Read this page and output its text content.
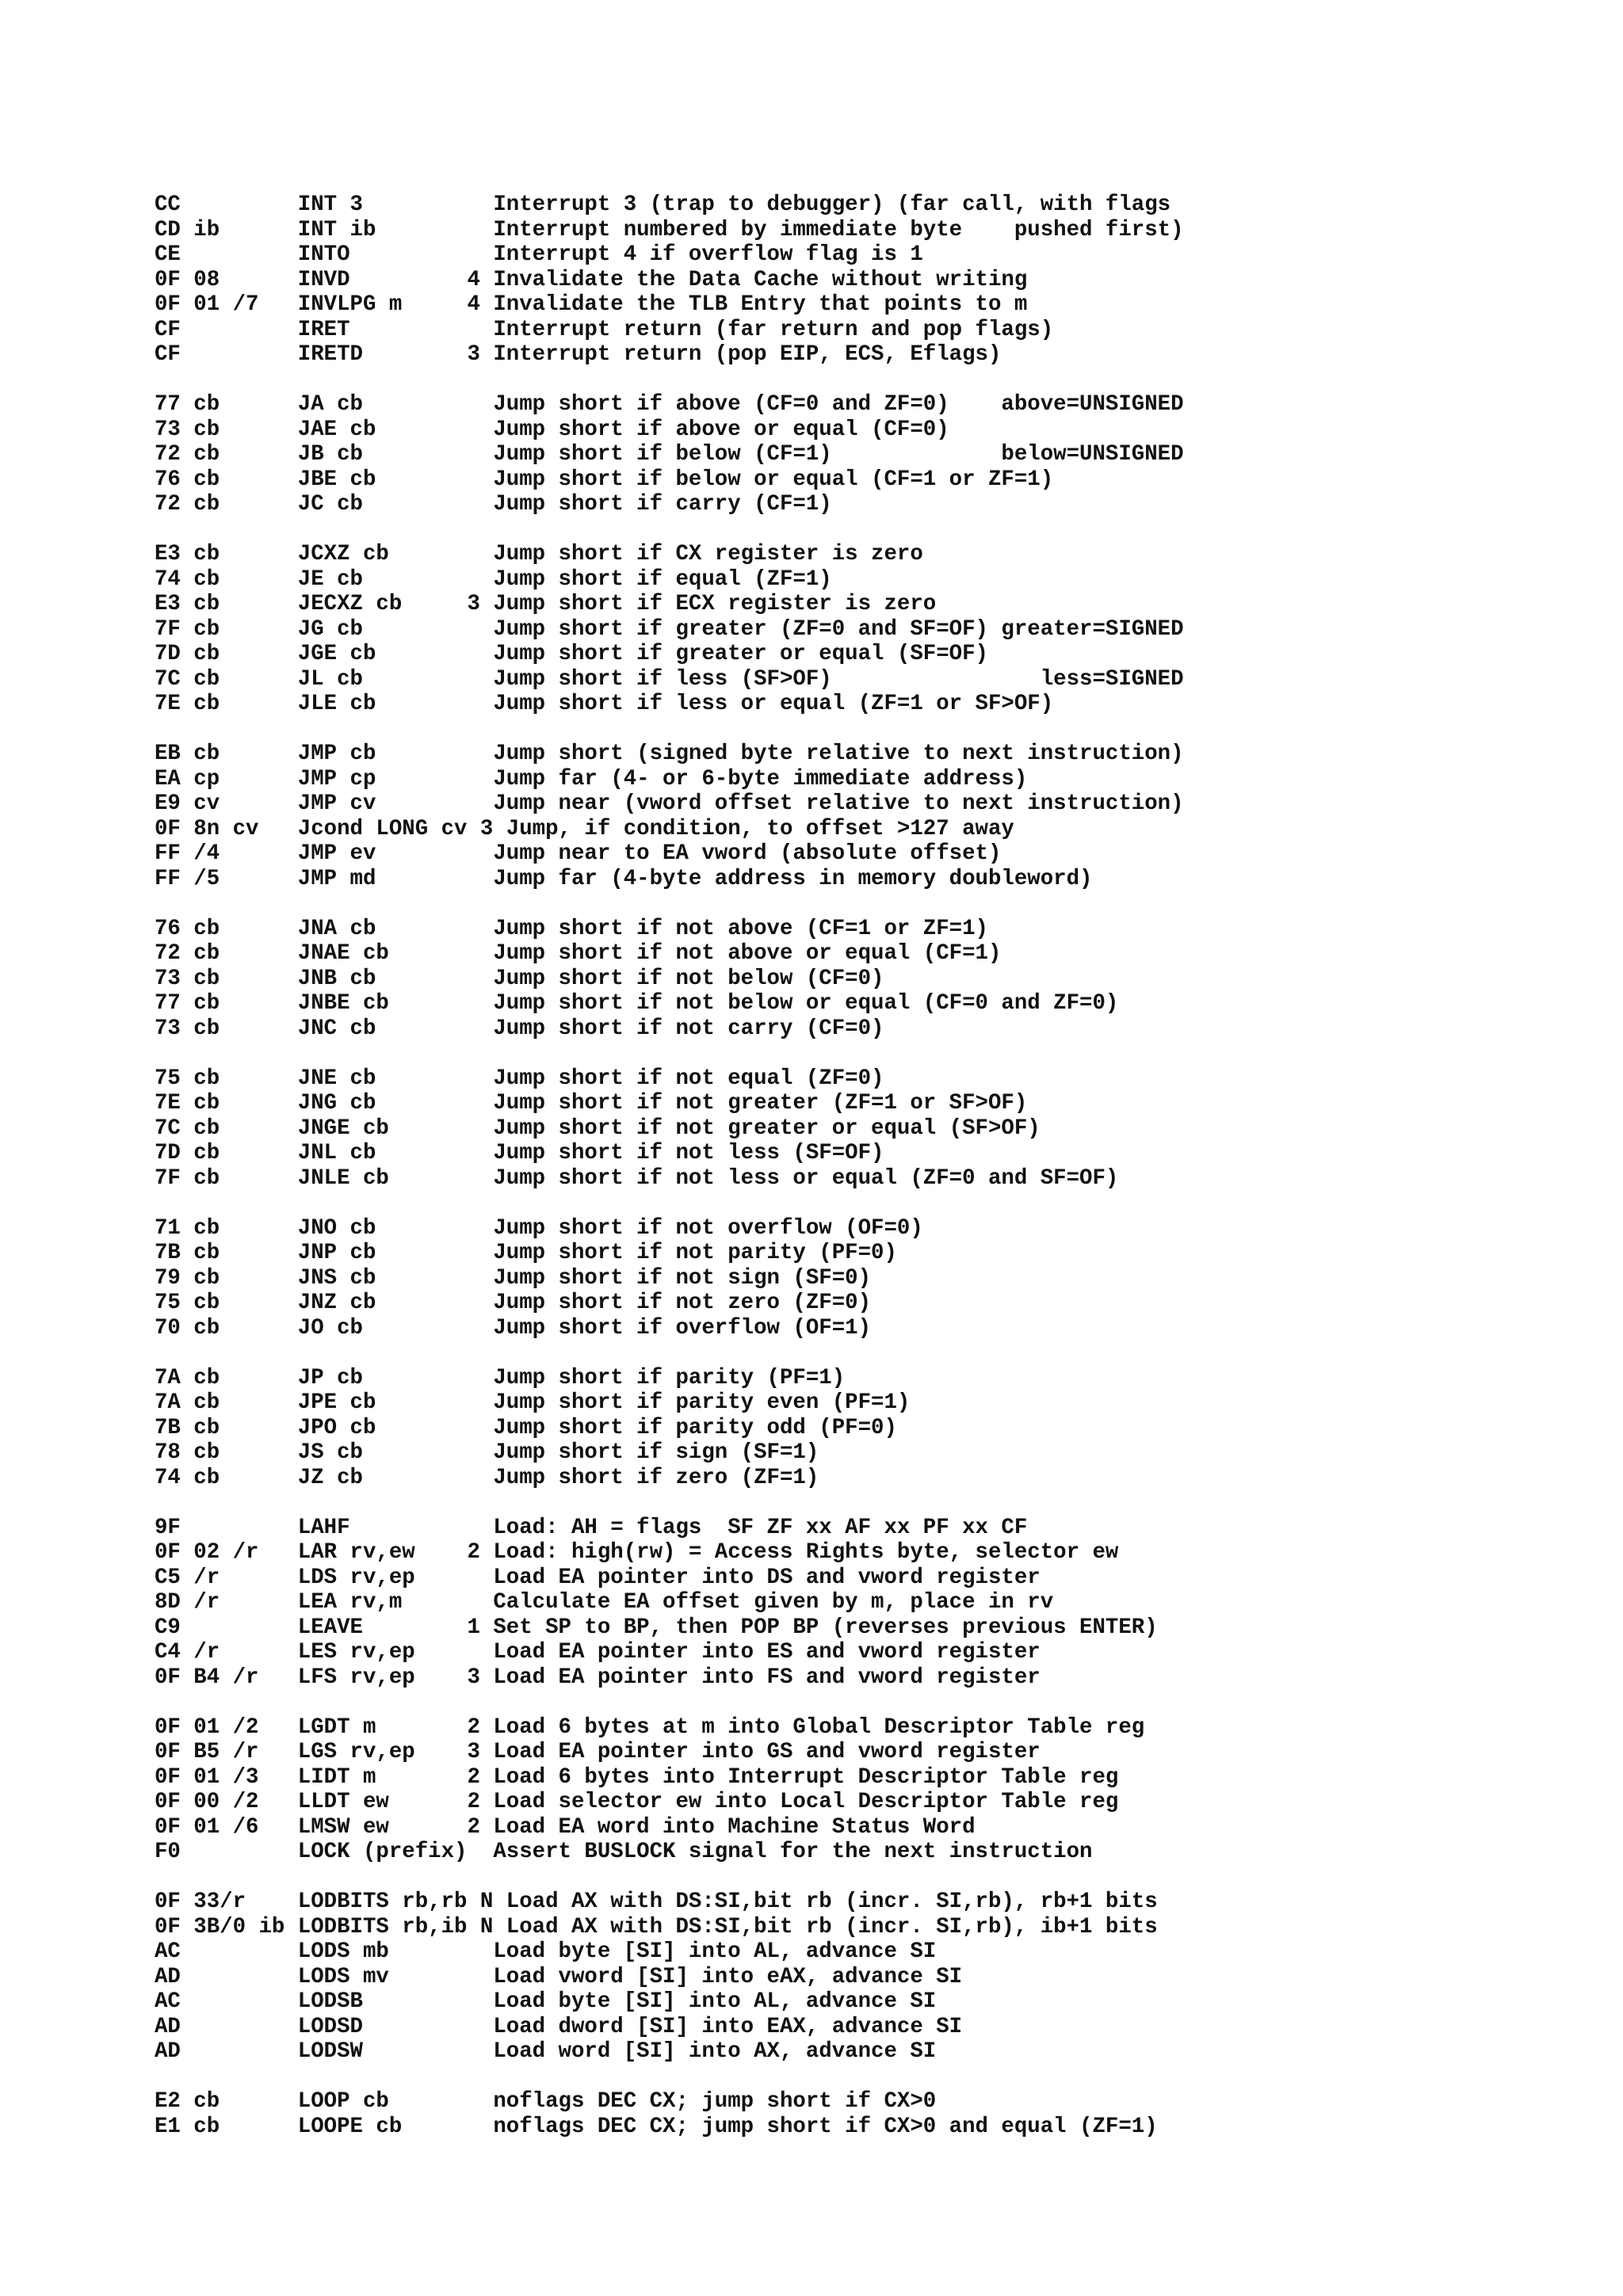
CC         INT 3          Interrupt 3 (trap to debugger) (far call, with flags
CD ib      INT ib         Interrupt numbered by immediate byte    pushed first)
CE         INTO           Interrupt 4 if overflow flag is 1
0F 08      INVD         4 Invalidate the Data Cache without writing
0F 01 /7   INVLPG m     4 Invalidate the TLB Entry that points to m
CF         IRET           Interrupt return (far return and pop flags)
CF         IRETD        3 Interrupt return (pop EIP, ECS, Eflags)
77 cb      JA cb          Jump short if above (CF=0 and ZF=0)    above=UNSIGNED
73 cb      JAE cb         Jump short if above or equal (CF=0)
72 cb      JB cb          Jump short if below (CF=1)             below=UNSIGNED
76 cb      JBE cb         Jump short if below or equal (CF=1 or ZF=1)
72 cb      JC cb          Jump short if carry (CF=1)
E3 cb      JCXZ cb        Jump short if CX register is zero
74 cb      JE cb          Jump short if equal (ZF=1)
E3 cb      JECXZ cb     3 Jump short if ECX register is zero
7F cb      JG cb          Jump short if greater (ZF=0 and SF=OF) greater=SIGNED
7D cb      JGE cb         Jump short if greater or equal (SF=OF)
7C cb      JL cb          Jump short if less (SF>OF)                less=SIGNED
7E cb      JLE cb         Jump short if less or equal (ZF=1 or SF>OF)
EB cb      JMP cb         Jump short (signed byte relative to next instruction)
EA cp      JMP cp         Jump far (4- or 6-byte immediate address)
E9 cv      JMP cv         Jump near (vword offset relative to next instruction)
0F 8n cv   Jcond LONG cv 3 Jump, if condition, to offset >127 away
FF /4      JMP ev         Jump near to EA vword (absolute offset)
FF /5      JMP md         Jump far (4-byte address in memory doubleword)
76 cb      JNA cb         Jump short if not above (CF=1 or ZF=1)
72 cb      JNAE cb        Jump short if not above or equal (CF=1)
73 cb      JNB cb         Jump short if not below (CF=0)
77 cb      JNBE cb        Jump short if not below or equal (CF=0 and ZF=0)
73 cb      JNC cb         Jump short if not carry (CF=0)
75 cb      JNE cb         Jump short if not equal (ZF=0)
7E cb      JNG cb         Jump short if not greater (ZF=1 or SF>OF)
7C cb      JNGE cb        Jump short if not greater or equal (SF>OF)
7D cb      JNL cb         Jump short if not less (SF=OF)
7F cb      JNLE cb        Jump short if not less or equal (ZF=0 and SF=OF)
71 cb      JNO cb         Jump short if not overflow (OF=0)
7B cb      JNP cb         Jump short if not parity (PF=0)
79 cb      JNS cb         Jump short if not sign (SF=0)
75 cb      JNZ cb         Jump short if not zero (ZF=0)
70 cb      JO cb          Jump short if overflow (OF=1)
7A cb      JP cb          Jump short if parity (PF=1)
7A cb      JPE cb         Jump short if parity even (PF=1)
7B cb      JPO cb         Jump short if parity odd (PF=0)
78 cb      JS cb          Jump short if sign (SF=1)
74 cb      JZ cb          Jump short if zero (ZF=1)
9F         LAHF           Load: AH = flags  SF ZF xx AF xx PF xx CF
0F 02 /r   LAR rv,ew    2 Load: high(rw) = Access Rights byte, selector ew
C5 /r      LDS rv,ep      Load EA pointer into DS and vword register
8D /r      LEA rv,m       Calculate EA offset given by m, place in rv
C9         LEAVE        1 Set SP to BP, then POP BP (reverses previous ENTER)
C4 /r      LES rv,ep      Load EA pointer into ES and vword register
0F B4 /r   LFS rv,ep    3 Load EA pointer into FS and vword register
0F 01 /2   LGDT m       2 Load 6 bytes at m into Global Descriptor Table reg
0F B5 /r   LGS rv,ep    3 Load EA pointer into GS and vword register
0F 01 /3   LIDT m       2 Load 6 bytes into Interrupt Descriptor Table reg
0F 00 /2   LLDT ew      2 Load selector ew into Local Descriptor Table reg
0F 01 /6   LMSW ew      2 Load EA word into Machine Status Word
F0         LOCK (prefix)  Assert BUSLOCK signal for the next instruction
0F 33/r    LODBITS rb,rb N Load AX with DS:SI,bit rb (incr. SI,rb), rb+1 bits
0F 3B/0 ib LODBITS rb,ib N Load AX with DS:SI,bit rb (incr. SI,rb), ib+1 bits
AC         LODS mb        Load byte [SI] into AL, advance SI
AD         LODS mv        Load vword [SI] into eAX, advance SI
AC         LODSB          Load byte [SI] into AL, advance SI
AD         LODSD          Load dword [SI] into EAX, advance SI
AD         LODSW          Load word [SI] into AX, advance SI
E2 cb      LOOP cb        noflags DEC CX; jump short if CX>0
E1 cb      LOOPE cb       noflags DEC CX; jump short if CX>0 and equal (ZF=1)
